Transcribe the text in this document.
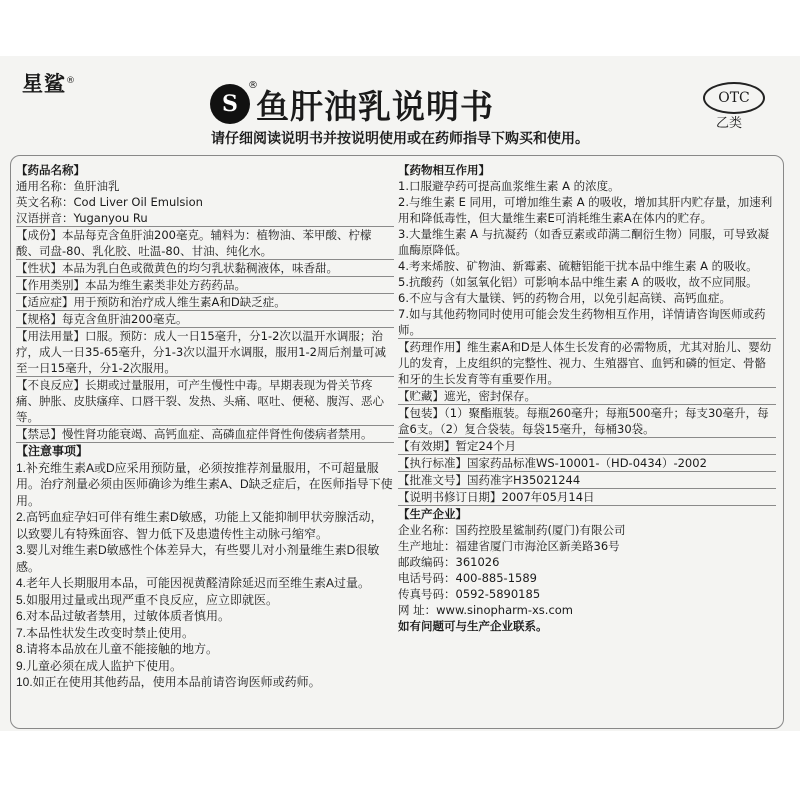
星鲨®
S 鱼肝油乳说明书
®
OTC
乙类
请仔细阅读说明书并按说明使用或在药师指导下购买和使用。
【药品名称】
通用名称：鱼肝油乳
英文名称：Cod Liver Oil Emulsion
汉语拼音：Yuganyou Ru
【成份】本品每克含鱼肝油200毫克。辅料为：植物油、苯甲酸、柠檬酸、司盘-80、乳化胶、吐温-80、甘油、纯化水。
【性状】本品为乳白色或微黄色的均匀乳状黏稠液体，味香甜。
【作用类别】本品为维生素类非处方药药品。
【适应症】用于预防和治疗成人维生素A和D缺乏症。
【规格】每克含鱼肝油200毫克。
【用法用量】口服。预防：成人一日15毫升，分1-2次以温开水调服；治疗，成人一日35-65毫升，分1-3次以温开水调服，服用1-2周后剂量可减至一日15毫升，分1-2次服用。
【不良反应】长期或过量服用，可产生慢性中毒。早期表现为骨关节疼痛、肿胀、皮肤瘙痒、口唇干裂、发热、头痛、呕吐、便秘、腹泻、恶心等。
【禁忌】慢性肾功能衰竭、高钙血症、高磷血症伴肾性佝偻病者禁用。
【注意事项】
1.补充维生素A或D应采用预防量，必须按推荐剂量服用，不可超量服用。治疗剂量必须由医师确诊为维生素A、D缺乏症后，在医师指导下使用。
2.高钙血症孕妇可伴有维生素D敏感，功能上又能抑制甲状旁腺活动，以致婴儿有特殊面容、智力低下及患遗传性主动脉弓缩窄。
3.婴儿对维生素D敏感性个体差异大，有些婴儿对小剂量维生素D很敏感。
4.老年人长期服用本品，可能因视黄醛清除延迟而至维生素A过量。
5.如服用过量或出现严重不良反应，应立即就医。
6.对本品过敏者禁用，过敏体质者慎用。
7.本品性状发生改变时禁止使用。
8.请将本品放在儿童不能接触的地方。
9.儿童必须在成人监护下使用。
10.如正在使用其他药品，使用本品前请咨询医师或药师。
【药物相互作用】
1.口服避孕药可提高血浆维生素 A 的浓度。
2.与维生素 E 同用，可增加维生素 A 的吸收，增加其肝内贮存量，加速利用和降低毒性，但大量维生素E可消耗维生素A在体内的贮存。
3.大量维生素 A 与抗凝药（如香豆素或茚满二酮衍生物）同服，可导致凝血酶原降低。
4.考来烯胺、矿物油、新霉素、硫糖铝能干扰本品中维生素 A 的吸收。
5.抗酸药（如氢氧化铝）可影响本品中维生素 A 的吸收，故不应同服。
6.不应与含有大量镁、钙的药物合用，以免引起高镁、高钙血症。
7.如与其他药物同时使用可能会发生药物相互作用，详情请咨询医师或药师。
【药理作用】维生素A和D是人体生长发育的必需物质，尤其对胎儿、婴幼儿的发育，上皮组织的完整性、视力、生殖器官、血钙和磷的恒定、骨骼和牙的生长发育等有重要作用。
【贮藏】遮光，密封保存。
【包装】（1）聚酯瓶装。每瓶260毫升；每瓶500毫升；每支30毫升，每盒6支。（2）复合袋装。每袋15毫升，每桶30袋。
【有效期】暂定24个月
【执行标准】国家药品标准WS-10001-（HD-0434）-2002
【批准文号】国药准字H35021244
【说明书修订日期】2007年05月14日
【生产企业】
企业名称：国药控股星鲨制药(厦门)有限公司
生产地址：福建省厦门市海沧区新美路36号
邮政编码：361026
电话号码：400-885-1589
传真号码：0592-5890185
网 址：www.sinopharm-xs.com
如有问题可与生产企业联系。
